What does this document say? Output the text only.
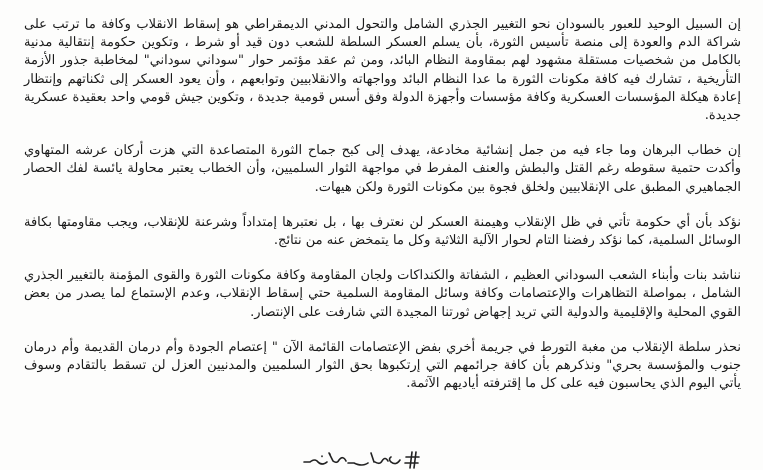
إن السبيل الوحيد للعبور بالسودان نحو التغيير الجذري الشامل والتحول المدني الديمقراطي هو إسقاط الانقلاب وكافة ما ترتب على شراكة الدم والعودة إلى منصة تأسيس الثورة، بأن يسلم العسكر السلطة للشعب دون قيد أو شرط ، وتكوين حكومة إنتقالية مدنية بالكامل من شخصيات مستقلة مشهود لهم بمقاومة النظام البائد، ومن ثم عقد مؤتمر حوار "سوداني سوداني" لمخاطبة جذور الأزمة التأريخية ، تشارك فيه كافة مكونات الثورة ما عدا النظام البائد وواجهاته والانقلابيين وتوابعهم ، وأن يعود العسكر إلى ثكناتهم وإنتظار إعادة هيكلة المؤسسات العسكرية وكافة مؤسسات وأجهزة الدولة وفق أسس قومية جديدة ، وتكوين جيش قومي واحد بعقيدة عسكرية جديدة.

إن خطاب البرهان وما جاء فيه من جمل إنشائية مخادعة، يهدف إلى كبح جماح الثورة المتصاعدة التي هزت أركان عرشه المتهاوي وأكدت حتمية سقوطه رغم القتل والبطش والعنف المفرط في مواجهة الثوار السلميين، وأن الخطاب يعتبر محاولة يائسة لفك الحصار الجماهيري المطبق على الإنقلابيين ولخلق فجوة بين مكونات الثورة ولكن هيهات.

نؤكد بأن أي حكومة تأتي في ظل الإنقلاب وهيمنة العسكر لن نعترف بها ، بل نعتبرها إمتداداً وشرعنة للإنقلاب، ويجب مقاومتها بكافة الوسائل السلمية، كما نؤكد رفضنا التام لحوار الآلية الثلاثية وكل ما يتمخض عنه من نتائج.

نناشد بنات وأبناء الشعب السوداني العظيم ، الشفاتة والكنداكات ولجان المقاومة وكافة مكونات الثورة والقوى المؤمنة بالتغيير الجذري الشامل ، بمواصلة التظاهرات والإعتصامات وكافة وسائل المقاومة السلمية حتي إسقاط الإنقلاب، وعدم الإستماع لما يصدر من بعض القوي المحلية والإقليمية والدولية التي تريد إجهاض ثورتنا المجيدة التي شارفت على الإنتصار.

نحذر سلطة الإنقلاب من مغبة التورط في جريمة أخري بفض الإعتصامات القائمة الآن " إعتصام الجودة وأم درمان القديمة وأم درمان جنوب والمؤسسة بحري" ونذكرهم بأن كافة جرائمهم التي إرتكبوها بحق الثوار السلميين والمدنيين العزل لن تسقط بالتقادم وسوف يأتي اليوم الذي يحاسبون فيه على كل ما إقترفته أياديهم الآثمة.
